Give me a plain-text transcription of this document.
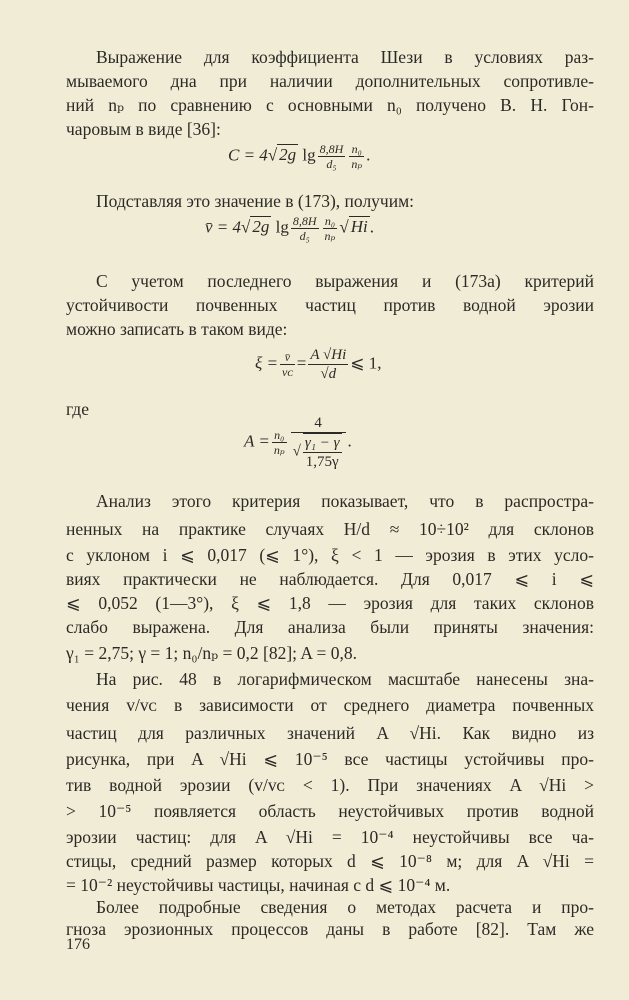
Выражение для коэффициента Шези в условиях раз-
мываемого дна при наличии дополнительных сопротивле-
ний nₚ по сравнению с основными n₀ получено В. Н. Гон-
чаровым в виде [36]:
C = 4√ 2g $\lg \frac{8,8H}{\text{d₅}} \frac{\text{n₀}}{\text{nₚ}}$ .
Подставляя это значение в (173), получим:
v̄ = 4√ 2g $\lg \frac{8,8H}{\text{d₅}} \frac{\text{n₀}}{\text{nₚ}}$ √ Hi .
С учетом последнего выражения и (173а) критерий
устойчивости почвенных частиц против водной эрозии
можно записать в таком виде:
$\xi = \frac{v̄}{\text{vᴄ}} = \frac{A √Hi}{√d}$ ⩽ 1,
где
$A = \frac{\text{n₀}}{\text{nₚ}} \frac{4}{√ \frac{\text{γ₁ − γ}}{1,75\gamma}}$ .
Анализ этого критерия показывает, что в распростра-
ненных на практике случаях H/d ≈ 10÷10² для склонов
с уклоном i ⩽ 0,017 (⩽ 1°), ξ < 1 — эрозия в этих усло-
виях практически не наблюдается. Для 0,017 ⩽ i ⩽
⩽ 0,052 (1—3°), ξ ⩽ 1,8 — эрозия для таких склонов
слабо выражена. Для анализа были приняты значения:
γ₁ = 2,75; γ = 1; n₀/nₚ = 0,2 [82]; A = 0,8.
На рис. 48 в логарифмическом масштабе нанесены зна-
чения v/vᴄ в зависимости от среднего диаметра почвенных
частиц для различных значений A √Hi. Как видно из
рисунка, при A √Hi ⩽ 10⁻⁵ все частицы устойчивы про-
тив водной эрозии (v/vᴄ < 1). При значениях A √Hi >
> 10⁻⁵ появляется область неустойчивых против водной
эрозии частиц: для A √Hi = 10⁻⁴ неустойчивы все ча-
стицы, средний размер которых d ⩽ 10⁻⁸ м; для A √Hi =
= 10⁻² неустойчивы частицы, начиная с d ⩽ 10⁻⁴ м.
Более подробные сведения о методах расчета и про-
гноза эрозионных процессов даны в работе [82]. Там же
176
